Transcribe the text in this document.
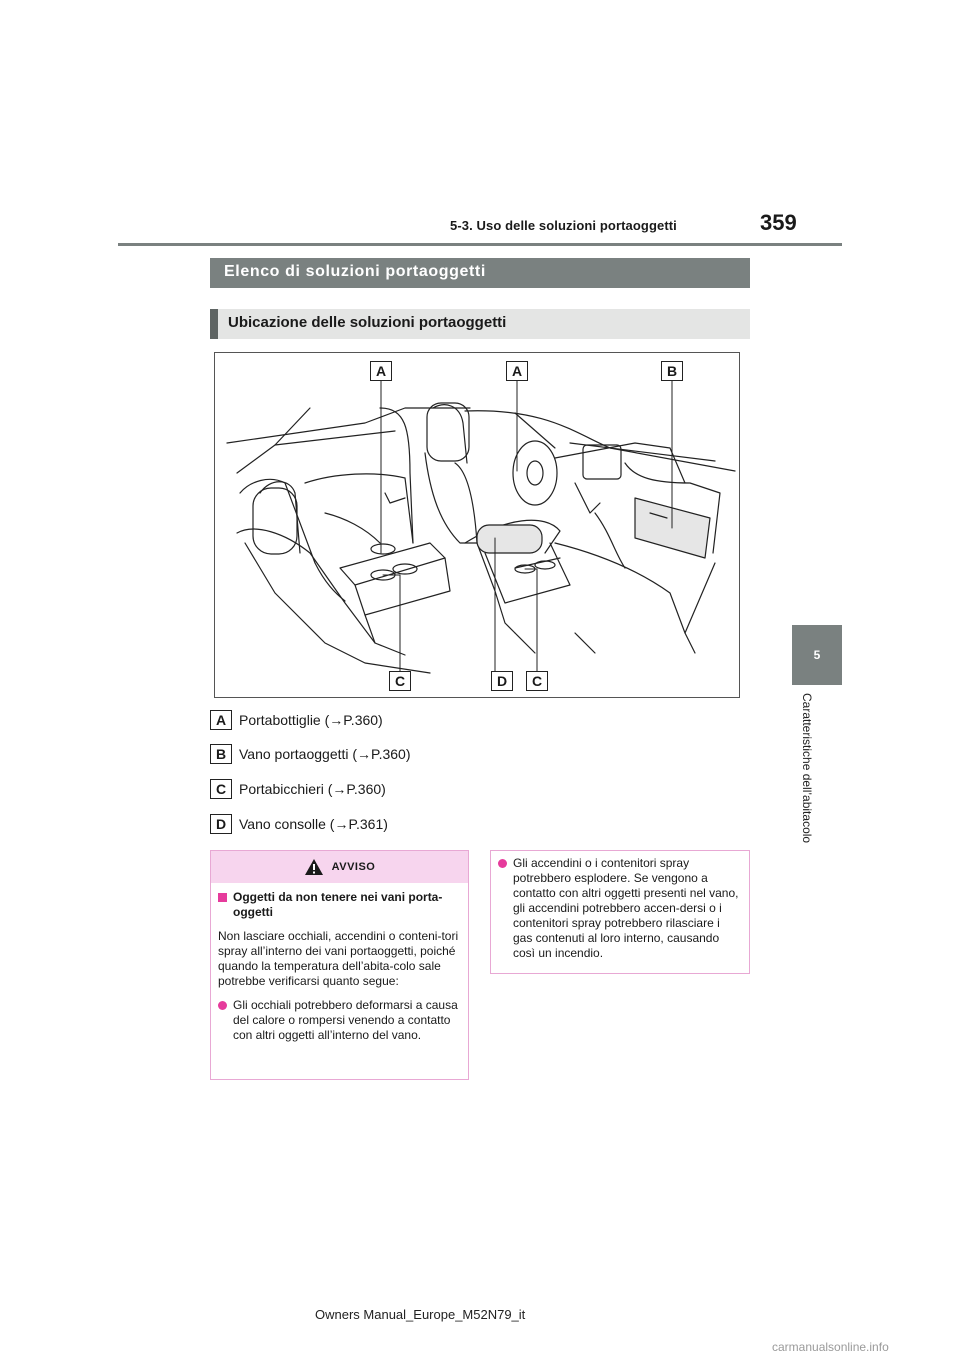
5-3. Uso delle soluzioni portaoggetti	359
5
Caratteristiche dell’abitacolo
Elenco di soluzioni portaoggetti
Ubicazione delle soluzioni portaoggetti
A	A	B
C	D	C
A Portabottiglie (→P.360)
B Vano portaoggetti (→P.360)
C Portabicchieri (→P.360)
D Vano consolle (→P.361)
AVVISO
Oggetti da non tenere nei vani porta-oggetti
Non lasciare occhiali, accendini o conteni-tori spray all’interno dei vani portaoggetti, poiché quando la temperatura dell’abita-colo sale potrebbe verificarsi quanto segue:
Gli occhiali potrebbero deformarsi a causa del calore o rompersi venendo a contatto con altri oggetti all’interno del vano.
Gli accendini o i contenitori spray potrebbero esplodere. Se vengono a contatto con altri oggetti presenti nel vano, gli accendini potrebbero accen-dersi o i contenitori spray potrebbero rilasciare i gas contenuti al loro interno, causando così un incendio.
Owners Manual_Europe_M52N79_it
carmanualsonline.info
